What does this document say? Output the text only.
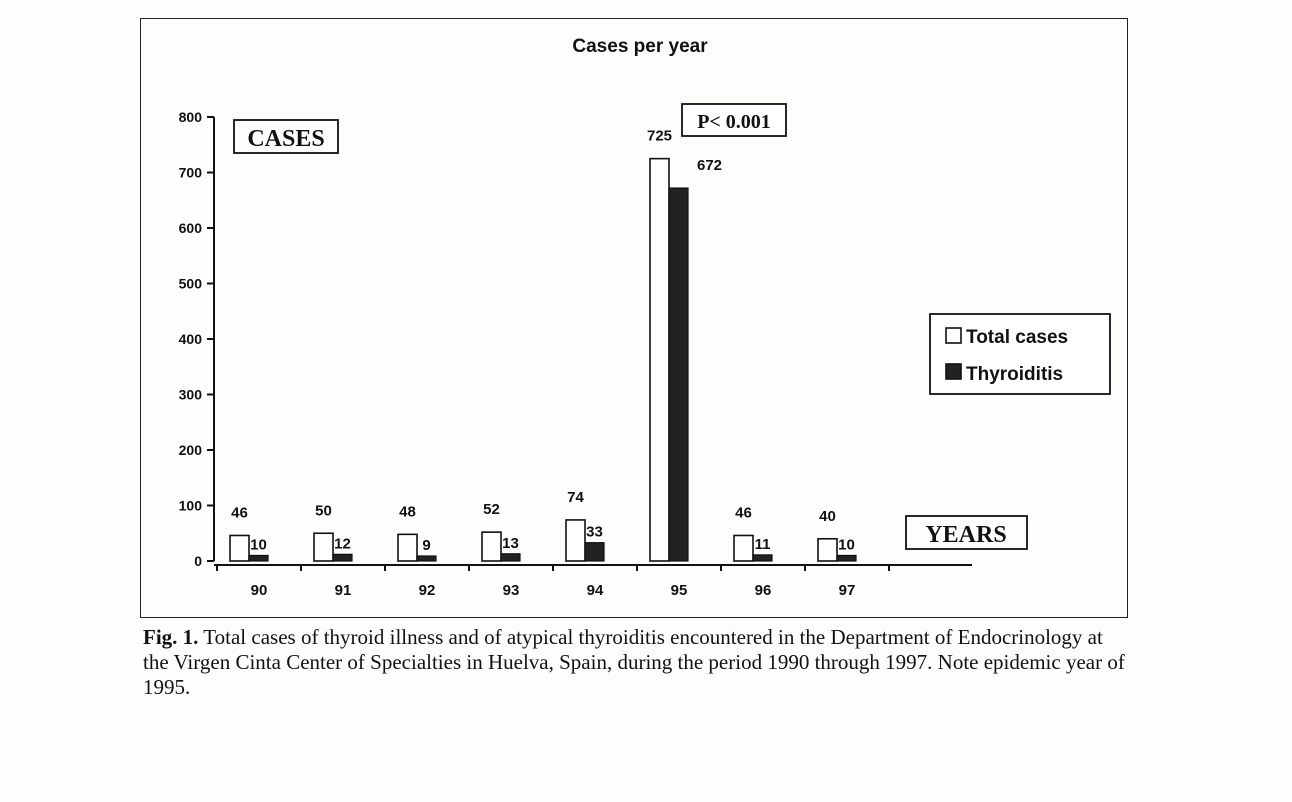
Cases per year
CASES
YEARS
P< 0.001
0
100
200
300
400
500
600
700
800
90	91	92	93	94	95	96	97
46
10
50
12
48
9
52
13
74
33
725
672
46
11
40
10
Total cases
Thyroiditis
Fig. 1. Total cases of thyroid illness and of atypical thyroiditis encountered in the Department of Endocrinology at the Virgen Cinta Center of Specialties in Huelva, Spain, during the period 1990 through 1997. Note epidemic year of 1995.
